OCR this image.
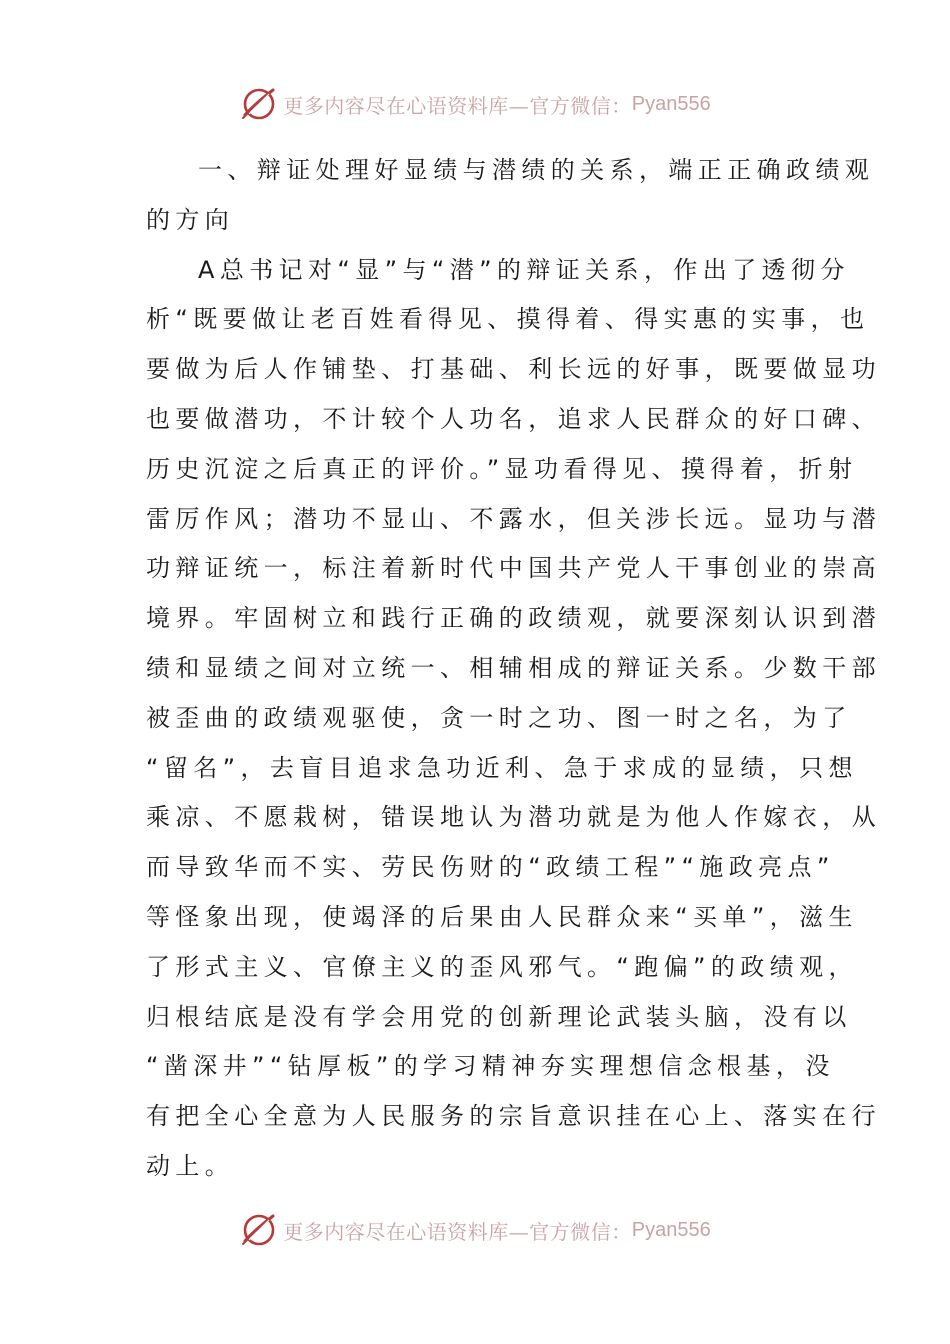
更多内容尽在心语资料库—官方微信： Pyan556
一、辩证处理好显绩与潜绩的关系，端正正确政绩观
的方向
A总书记对“显”与“潜”的辩证关系，作出了透彻分
析“既要做让老百姓看得见、摸得着、得实惠的实事，也
要做为后人作铺垫、打基础、利长远的好事，既要做显功
也要做潜功，不计较个人功名，追求人民群众的好口碑、
历史沉淀之后真正的评价。”显功看得见、摸得着，折射
雷厉作风；潜功不显山、不露水，但关涉长远。显功与潜
功辩证统一，标注着新时代中国共产党人干事创业的崇高
境界。牢固树立和践行正确的政绩观，就要深刻认识到潜
绩和显绩之间对立统一、相辅相成的辩证关系。少数干部
被歪曲的政绩观驱使，贪一时之功、图一时之名，为了
“留名”，去盲目追求急功近利、急于求成的显绩，只想
乘凉、不愿栽树，错误地认为潜功就是为他人作嫁衣，从
而导致华而不实、劳民伤财的“政绩工程”“施政亮点”
等怪象出现，使竭泽的后果由人民群众来“买单”，滋生
了形式主义、官僚主义的歪风邪气。“跑偏”的政绩观，
归根结底是没有学会用党的创新理论武装头脑，没有以
“凿深井”“钻厚板”的学习精神夯实理想信念根基，没
有把全心全意为人民服务的宗旨意识挂在心上、落实在行
动上。
更多内容尽在心语资料库—官方微信： Pyan556
